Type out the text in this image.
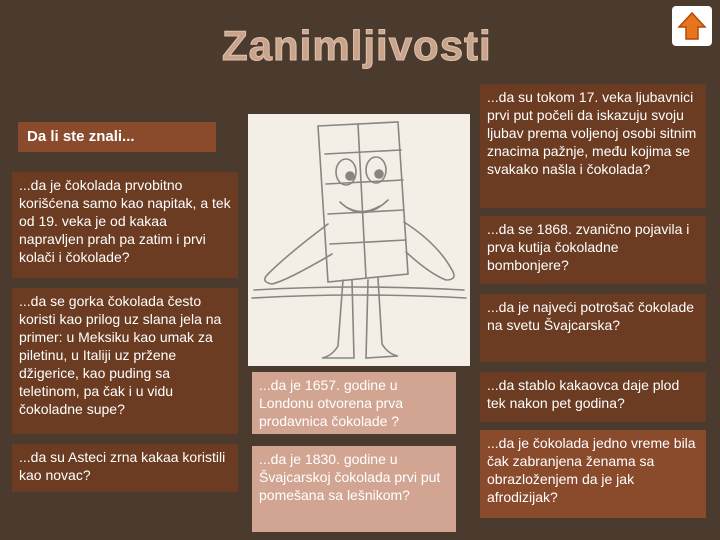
Zanimljivosti
Da li ste znali...
...da je čokolada prvobitno korišćena samo kao napitak, a tek od 19. veka je od kakaa napravljen prah pa zatim i prvi kolači i čokolade?
...da se gorka čokolada često koristi kao prilog uz slana jela na primer: u Meksiku kao umak za piletinu, u Italiji uz pržene džigerice, kao puding sa teletinom, pa čak i u vidu čokoladne supe?
...da su Asteci zrna kakaa koristili kao novac?
...da je 1657. godine u Londonu otvorena prva prodavnica čokolade ?
...da je 1830. godine u Švajcarskoj čokolada prvi put pomešana sa lešnikom?
...da su tokom 17. veka ljubavnici prvi put počeli da iskazuju svoju ljubav prema voljenoj osobi sitnim znacima pažnje, među kojima se svakako našla i čokolada?
...da se 1868. zvanično pojavila i prva kutija čokoladne bombonjere?
...da je najveći potrošač čokolade na svetu Švajcarska?
...da stablo kakaovca daje plod tek nakon pet godina?
...da je čokolada jedno vreme bila čak zabranjena ženama sa obrazloženjem da je jak afrodizijak?
